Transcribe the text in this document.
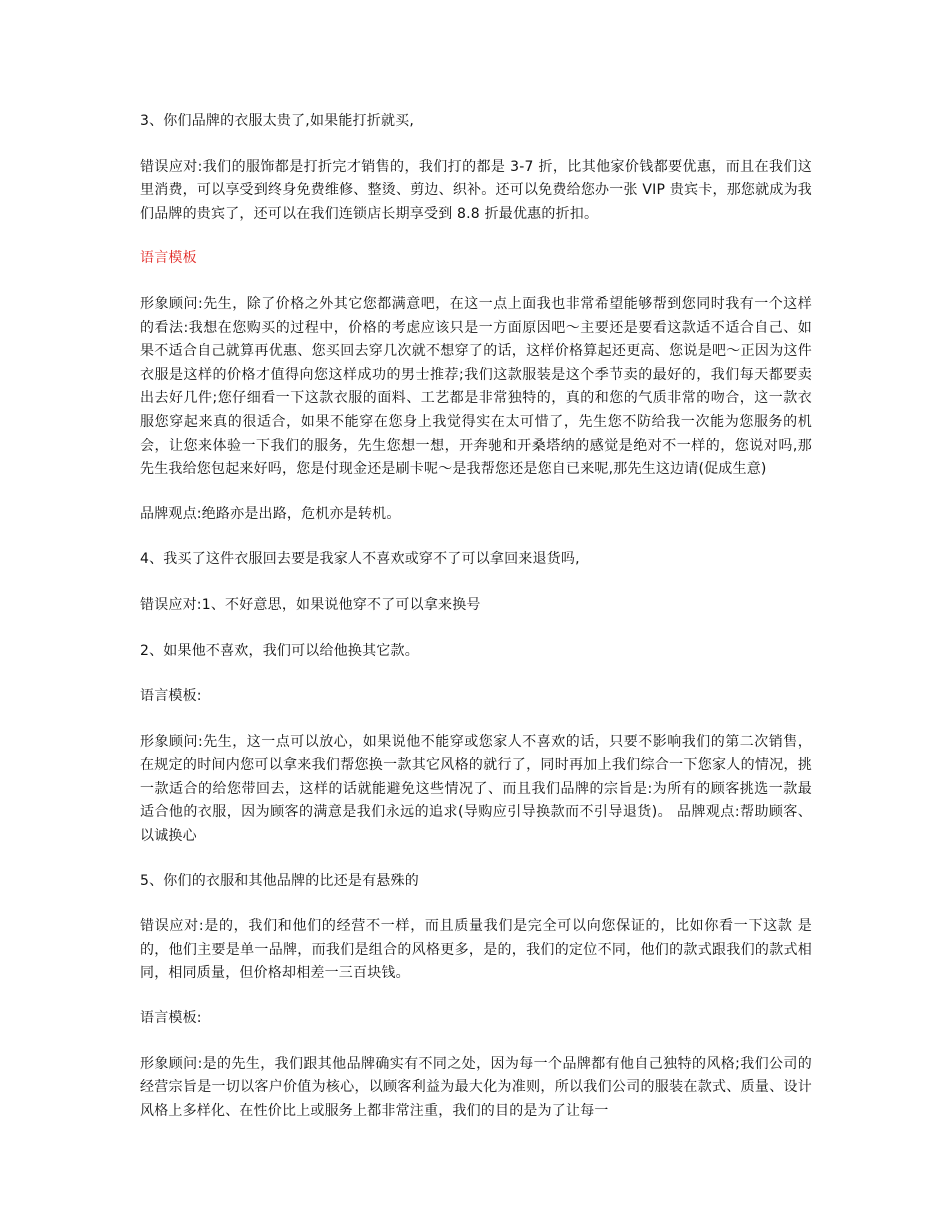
3、你们品牌的衣服太贵了,如果能打折就买,

错误应对:我们的服饰都是打折完才销售的，我们打的都是 3-7 折，比其他家价钱都要优惠，而且在我们这里消费，可以享受到终身免费维修、整烫、剪边、织补。还可以免费给您办一张 VIP 贵宾卡，那您就成为我们品牌的贵宾了，还可以在我们连锁店长期享受到 8.8 折最优惠的折扣。

语言模板

形象顾问:先生，除了价格之外其它您都满意吧，在这一点上面我也非常希望能够帮到您同时我有一个这样的看法:我想在您购买的过程中，价格的考虑应该只是一方面原因吧～主要还是要看这款适不适合自己、如果不适合自己就算再优惠、您买回去穿几次就不想穿了的话，这样价格算起还更高、您说是吧～正因为这件衣服是这样的价格才值得向您这样成功的男士推荐;我们这款服装是这个季节卖的最好的，我们每天都要卖出去好几件;您仔细看一下这款衣服的面料、工艺都是非常独特的，真的和您的气质非常的吻合，这一款衣服您穿起来真的很适合，如果不能穿在您身上我觉得实在太可惜了，先生您不防给我一次能为您服务的机会，让您来体验一下我们的服务，先生您想一想，开奔驰和开桑塔纳的感觉是绝对不一样的，您说对吗,那先生我给您包起来好吗，您是付现金还是刷卡呢～是我帮您还是您自已来呢,那先生这边请(促成生意)

品牌观点:绝路亦是出路，危机亦是转机。

4、我买了这件衣服回去要是我家人不喜欢或穿不了可以拿回来退货吗,

错误应对:1、不好意思，如果说他穿不了可以拿来换号

2、如果他不喜欢，我们可以给他换其它款。

语言模板:

形象顾问:先生，这一点可以放心，如果说他不能穿或您家人不喜欢的话，只要不影响我们的第二次销售，在规定的时间内您可以拿来我们帮您换一款其它风格的就行了，同时再加上我们综合一下您家人的情况，挑一款适合的给您带回去，这样的话就能避免这些情况了、而且我们品牌的宗旨是:为所有的顾客挑选一款最适合他的衣服，因为顾客的满意是我们永远的追求(导购应引导换款而不引导退货)。 品牌观点:帮助顾客、以诚换心

5、你们的衣服和其他品牌的比还是有悬殊的

错误应对:是的，我们和他们的经营不一样，而且质量我们是完全可以向您保证的，比如你看一下这款 是的，他们主要是单一品牌，而我们是组合的风格更多，是的，我们的定位不同，他们的款式跟我们的款式相同，相同质量，但价格却相差一三百块钱。

语言模板:

形象顾问:是的先生，我们跟其他品牌确实有不同之处，因为每一个品牌都有他自己独特的风格;我们公司的经营宗旨是一切以客户价值为核心，以顾客利益为最大化为准则，所以我们公司的服装在款式、质量、设计风格上多样化、在性价比上或服务上都非常注重，我们的目的是为了让每一
